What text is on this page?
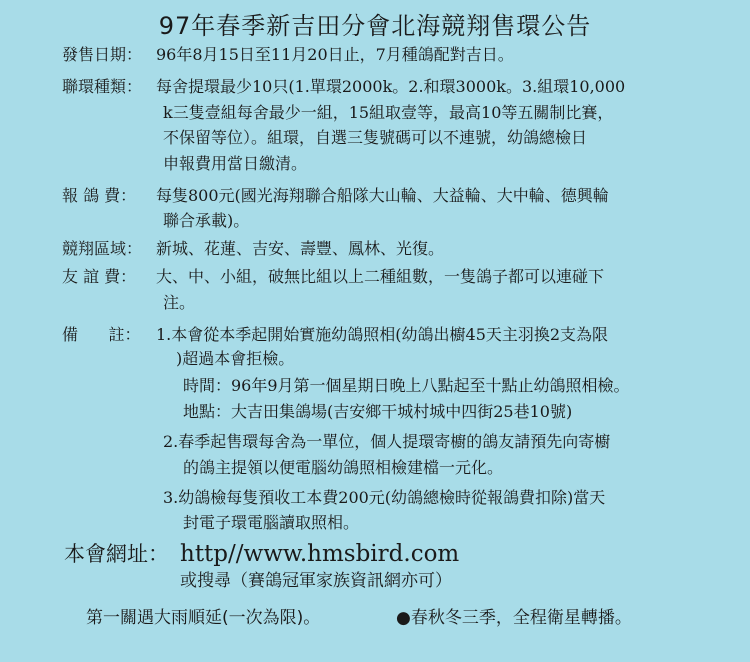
97年春季新吉田分會北海競翔售環公告
發售日期： 96年8月15日至11月20日止，7月種鴿配對吉日。
聯環種類： 每舍提環最少10只(1.單環2000k。2.和環3000k。3.組環10,000
k三隻壹組每舍最少一組，15組取壹等，最高10等五關制比賽，
不保留等位）。組環，自選三隻號碼可以不連號，幼鴿總檢日
申報費用當日繳清。
報 鴿 費：	每隻800元(國光海翔聯合船隊大山輪、大益輪、大中輪、德興輪
聯合承載)。
競翔區域： 新城、花蓮、吉安、壽豐、鳳林、光復。
友 誼 費：	大、中、小組，破無比組以上二種組數，一隻鴿子都可以連碰下
注。
備      註： 1.本會從本季起開始實施幼鴿照相(幼鴿出櫥45天主羽換2支為限
)超過本會拒檢。
時間：96年9月第一個星期日晚上八點起至十點止幼鴿照相檢。
地點：大吉田集鴿場(吉安鄉干城村城中四街25巷10號)
2.春季起售環每舍為一單位，個人提環寄櫥的鴿友請預先向寄櫥
的鴿主提領以便電腦幼鴿照相檢建檔一元化。
3.幼鴿檢每隻預收工本費200元(幼鴿總檢時從報鴿費扣除)當天
封電子環電腦讀取照相。
本會網址： http//www.hmsbird.com
或搜尋（賽鴿冠軍家族資訊網亦可）
第一關遇大雨順延(一次為限)。	●春秋冬三季，全程衛星轉播。
